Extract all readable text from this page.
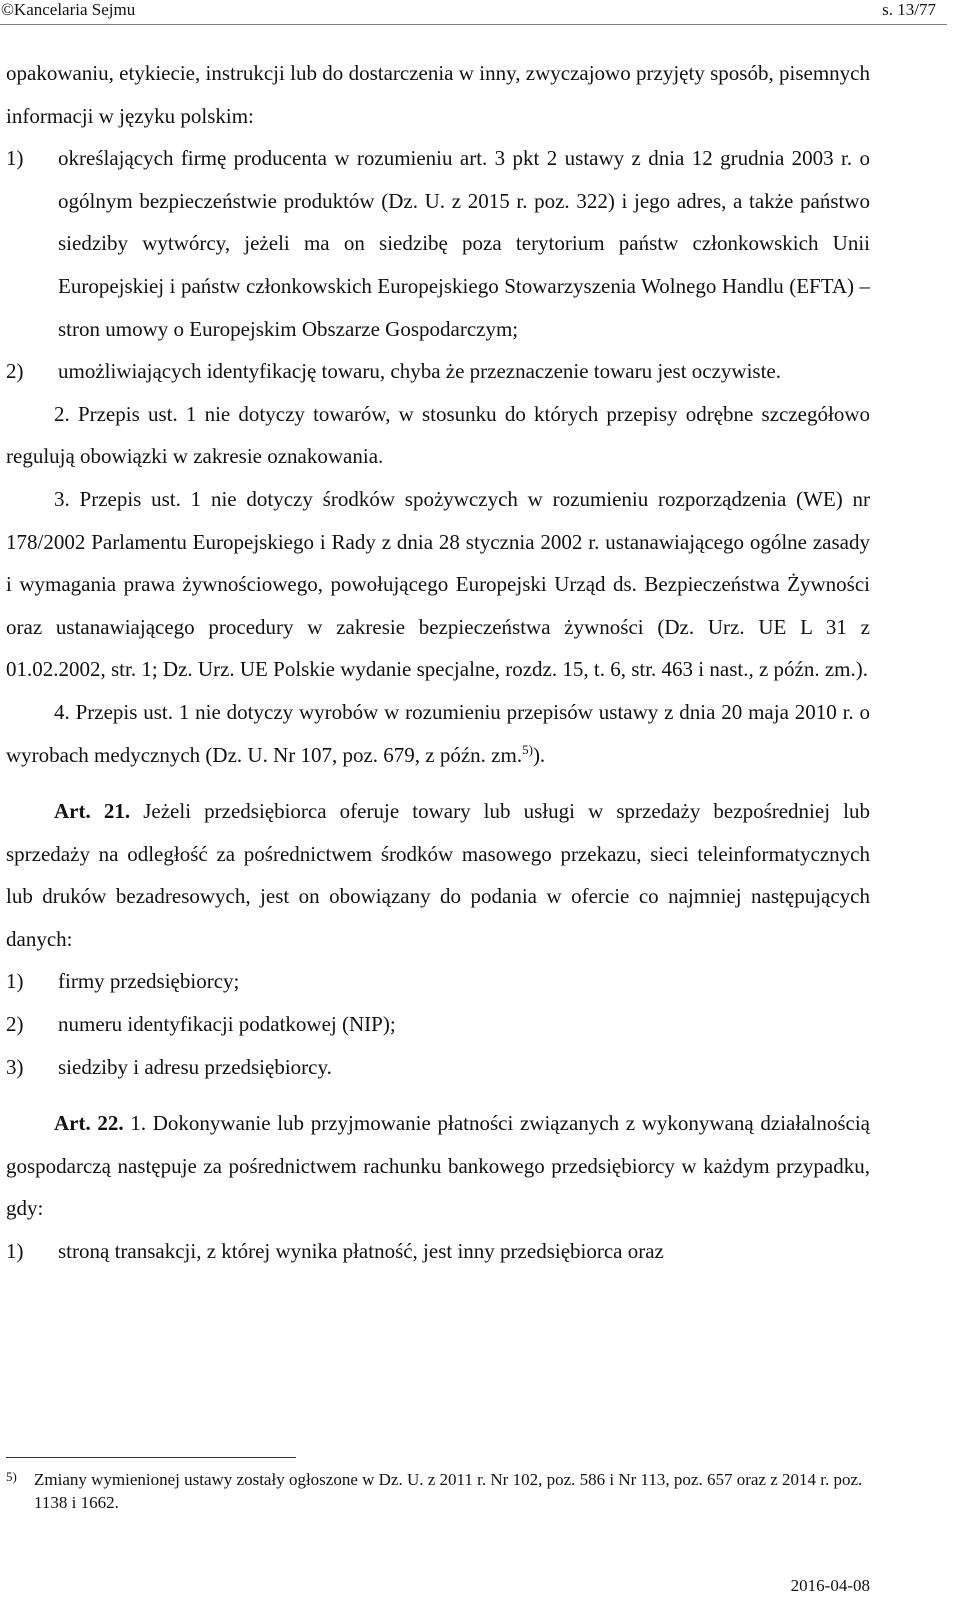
©Kancelaria Sejmu	s. 13/77

opakowaniu, etykiecie, instrukcji lub do dostarczenia w inny, zwyczajowo przyjęty sposób, pisemnych informacji w języku polskim:

1) określających firmę producenta w rozumieniu art. 3 pkt 2 ustawy z dnia 12 grudnia 2003 r. o ogólnym bezpieczeństwie produktów (Dz. U. z 2015 r. poz. 322) i jego adres, a także państwo siedziby wytwórcy, jeżeli ma on siedzibę poza terytorium państw członkowskich Unii Europejskiej i państw członkowskich Europejskiego Stowarzyszenia Wolnego Handlu (EFTA) – stron umowy o Europejskim Obszarze Gospodarczym;
2) umożliwiających identyfikację towaru, chyba że przeznaczenie towaru jest oczywiste.

2. Przepis ust. 1 nie dotyczy towarów, w stosunku do których przepisy odrębne szczegółowo regulują obowiązki w zakresie oznakowania.

3. Przepis ust. 1 nie dotyczy środków spożywczych w rozumieniu rozporządzenia (WE) nr 178/2002 Parlamentu Europejskiego i Rady z dnia 28 stycznia 2002 r. ustanawiającego ogólne zasady i wymagania prawa żywnościowego, powołującego Europejski Urząd ds. Bezpieczeństwa Żywności oraz ustanawiającego procedury w zakresie bezpieczeństwa żywności (Dz. Urz. UE L 31 z 01.02.2002, str. 1; Dz. Urz. UE Polskie wydanie specjalne, rozdz. 15, t. 6, str. 463 i nast., z późn. zm.).

4. Przepis ust. 1 nie dotyczy wyrobów w rozumieniu przepisów ustawy z dnia 20 maja 2010 r. o wyrobach medycznych (Dz. U. Nr 107, poz. 679, z późn. zm.$^{5)}$).

Art. 21. Jeżeli przedsiębiorca oferuje towary lub usługi w sprzedaży bezpośredniej lub sprzedaży na odległość za pośrednictwem środków masowego przekazu, sieci teleinformatycznych lub druków bezadresowych, jest on obowiązany do podania w ofercie co najmniej następujących danych:

1) firmy przedsiębiorcy;
2) numeru identyfikacji podatkowej (NIP);
3) siedziby i adresu przedsiębiorcy.

Art. 22. 1. Dokonywanie lub przyjmowanie płatności związanych z wykonywaną działalnością gospodarczą następuje za pośrednictwem rachunku bankowego przedsiębiorcy w każdym przypadku, gdy:

1) stroną transakcji, z której wynika płatność, jest inny przedsiębiorca oraz
5)	Zmiany wymienionej ustawy zostały ogłoszone w Dz. U. z 2011 r. Nr 102, poz. 586 i Nr 113, poz. 657 oraz z 2014 r. poz. 1138 i 1662.
2016-04-08
